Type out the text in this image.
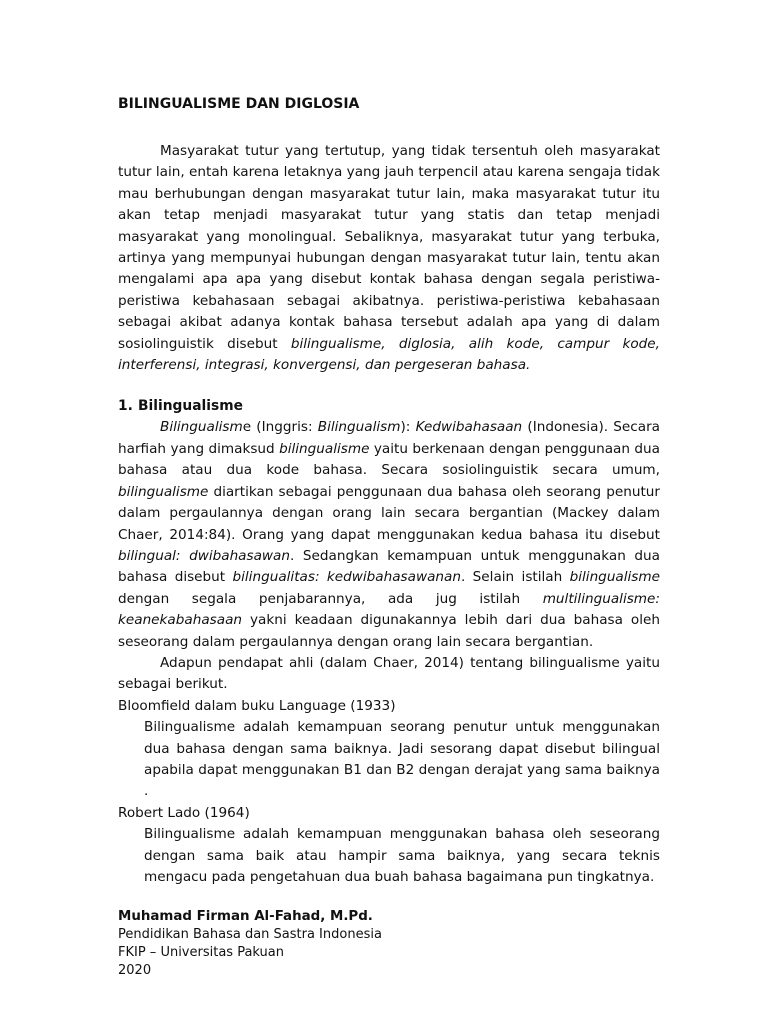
BILINGUALISME DAN DIGLOSIA

Masyarakat tutur yang tertutup, yang tidak tersentuh oleh masyarakat tutur lain, entah karena letaknya yang jauh terpencil atau karena sengaja tidak mau berhubungan dengan masyarakat tutur lain, maka masyarakat tutur itu akan tetap menjadi masyarakat tutur yang statis dan tetap menjadi masyarakat yang monolingual. Sebaliknya, masyarakat tutur yang terbuka, artinya yang mempunyai hubungan dengan masyarakat tutur lain, tentu akan mengalami apa apa yang disebut kontak bahasa dengan segala peristiwa-peristiwa kebahasaan sebagai akibatnya. peristiwa-peristiwa kebahasaan sebagai akibat adanya kontak bahasa tersebut adalah apa yang di dalam sosiolinguistik disebut bilingualisme, diglosia, alih kode, campur kode, interferensi, integrasi, konvergensi, dan pergeseran bahasa.

1. Bilingualisme

Bilingualisme (Inggris: Bilingualism): Kedwibahasaan (Indonesia). Secara harfiah yang dimaksud bilingualisme yaitu berkenaan dengan penggunaan dua bahasa atau dua kode bahasa. Secara sosiolinguistik secara umum, bilingualisme diartikan sebagai penggunaan dua bahasa oleh seorang penutur dalam pergaulannya dengan orang lain secara bergantian (Mackey dalam Chaer, 2014:84). Orang yang dapat menggunakan kedua bahasa itu disebut bilingual: dwibahasawan. Sedangkan kemampuan untuk menggunakan dua bahasa disebut bilingualitas: kedwibahasawanan. Selain istilah bilingualisme dengan segala penjabarannya, ada jug istilah multilingualisme: keanekabahasaan yakni keadaan digunakannya lebih dari dua bahasa oleh seseorang dalam pergaulannya dengan orang lain secara bergantian.

Adapun pendapat ahli (dalam Chaer, 2014) tentang bilingualisme yaitu sebagai berikut.

Bloomfield dalam buku Language (1933)

Bilingualisme adalah kemampuan seorang penutur untuk menggunakan dua bahasa dengan sama baiknya. Jadi sesorang dapat disebut bilingual apabila dapat menggunakan B1 dan B2 dengan derajat yang sama baiknya .

Robert Lado (1964)

Bilingualisme adalah kemampuan menggunakan bahasa oleh seseorang dengan sama baik atau hampir sama baiknya, yang secara teknis mengacu pada pengetahuan dua buah bahasa bagaimana pun tingkatnya.

Muhamad Firman Al-Fahad, M.Pd.
Pendidikan Bahasa dan Sastra Indonesia
FKIP – Universitas Pakuan
2020
